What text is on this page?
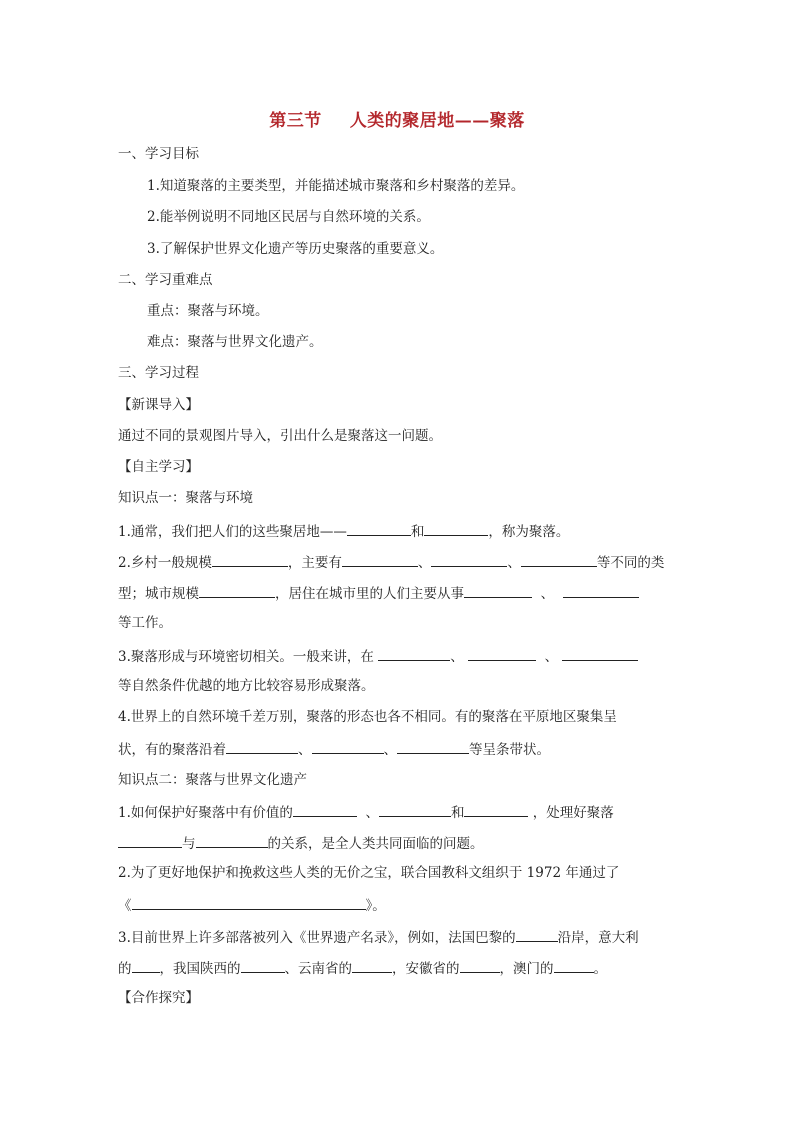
第三节 人类的聚居地——聚落
一、学习目标
1.知道聚落的主要类型，并能描述城市聚落和乡村聚落的差异。
2.能举例说明不同地区民居与自然环境的关系。
3.了解保护世界文化遗产等历史聚落的重要意义。
二、学习重难点
重点：聚落与环境。
难点：聚落与世界文化遗产。
三、学习过程
【新课导入】
通过不同的景观图片导入，引出什么是聚落这一问题。
【自主学习】
知识点一：聚落与环境
1.通常，我们把人们的这些聚居地——	和	，称为聚落。
2.乡村一般规模	，主要有	、	、	等不同的类
型；城市规模	，居住在城市里的人们主要从事	、
等工作。
3.聚落形成与环境密切相关。一般来讲，在	、	、
等自然条件优越的地方比较容易形成聚落。
4.世界上的自然环境千差万别，聚落的形态也各不相同。有的聚落在平原地区聚集呈
状，有的聚落沿着	、	、	等呈条带状。
知识点二：聚落与世界文化遗产
1.如何保护好聚落中有价值的	、	和	，处理好聚落
与	的关系，是全人类共同面临的问题。
2.为了更好地保护和挽救这些人类的无价之宝，联合国教科文组织于 1972 年通过了
《	》。
3.目前世界上许多部落被列入《世界遗产名录》，例如，法国巴黎的	沿岸，意大利
的 ，我国陕西的	、云南省的	，安徽省的	，澳门的	。
【合作探究】
